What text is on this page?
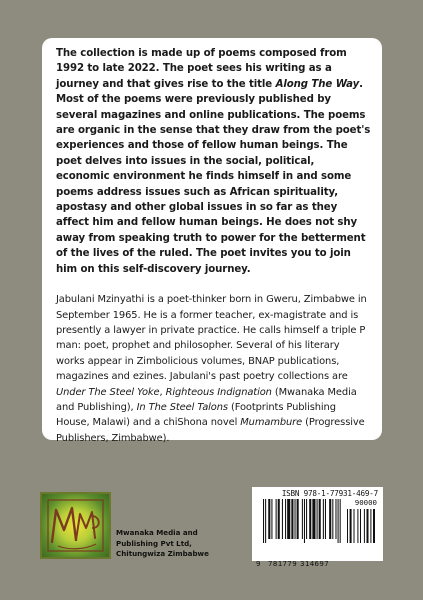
The collection is made up of poems composed from 1992 to late 2022. The poet sees his writing as a journey and that gives rise to the title Along The Way. Most of the poems were previously published by several magazines and online publications. The poems are organic in the sense that they draw from the poet's experiences and those of fellow human beings. The poet delves into issues in the social, political, economic environment he finds himself in and some poems address issues such as African spirituality, apostasy and other global issues in so far as they affect him and fellow human beings. He does not shy away from speaking truth to power for the betterment of the lives of the ruled. The poet invites you to join him on this self-discovery journey.

Jabulani Mzinyathi is a poet-thinker born in Gweru, Zimbabwe in September 1965. He is a former teacher, ex-magistrate and is presently a lawyer in private practice. He calls himself a triple P man: poet, prophet and philosopher. Several of his literary works appear in Zimbolicious volumes, BNAP publications, magazines and ezines. Jabulani's past poetry collections are Under The Steel Yoke, Righteous Indignation (Mwanaka Media and Publishing), In The Steel Talons (Footprints Publishing House, Malawi) and a chiShona novel Mumambure (Progressive Publishers, Zimbabwe).

Mwanaka Media and
Publishing Pvt Ltd,
Chitungwiza Zimbabwe
ISBN 978-1-77931-469-7
90000
9 781779 314697
